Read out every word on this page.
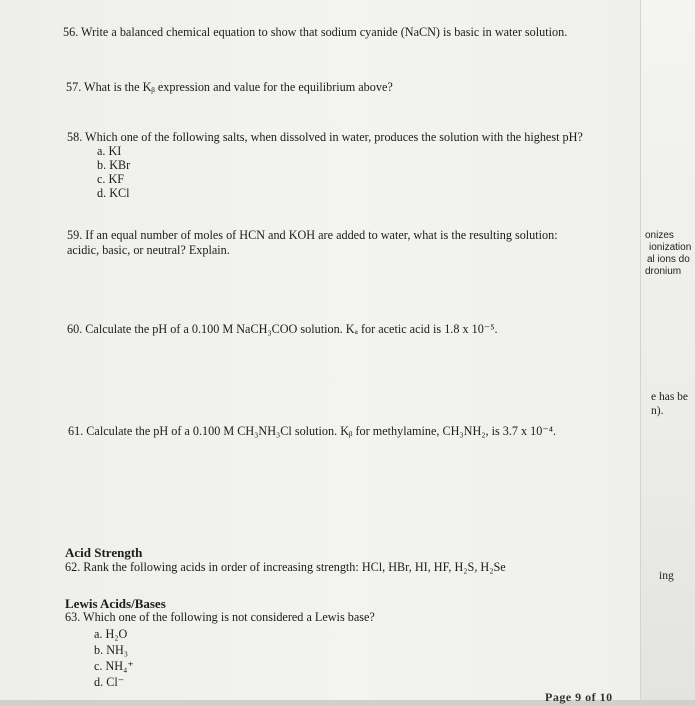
56. Write a balanced chemical equation to show that sodium cyanide (NaCN) is basic in water solution.
57. What is the Kᵦ expression and value for the equilibrium above?
58. Which one of the following salts, when dissolved in water, produces the solution with the highest pH?
a. KI
b. KBr
c. KF
d. KCl
59. If an equal number of moles of HCN and KOH are added to water, what is the resulting solution:
acidic, basic, or neutral? Explain.
60. Calculate the pH of a 0.100 M NaCH₃COO solution. Kₐ for acetic acid is 1.8 x 10⁻⁵.
61. Calculate the pH of a 0.100 M CH₃NH₃Cl solution. Kᵦ for methylamine, CH₃NH₂, is 3.7 x 10⁻⁴.
Acid Strength
62. Rank the following acids in order of increasing strength: HCl, HBr, HI, HF, H₂S, H₂Se
Lewis Acids/Bases
63. Which one of the following is not considered a Lewis base?
a. H₂O
b. NH₃
c. NH₄⁺
d. Cl⁻
Page 9 of 10
onizes
ionization
al ions do
dronium
e has be
n).
ing
